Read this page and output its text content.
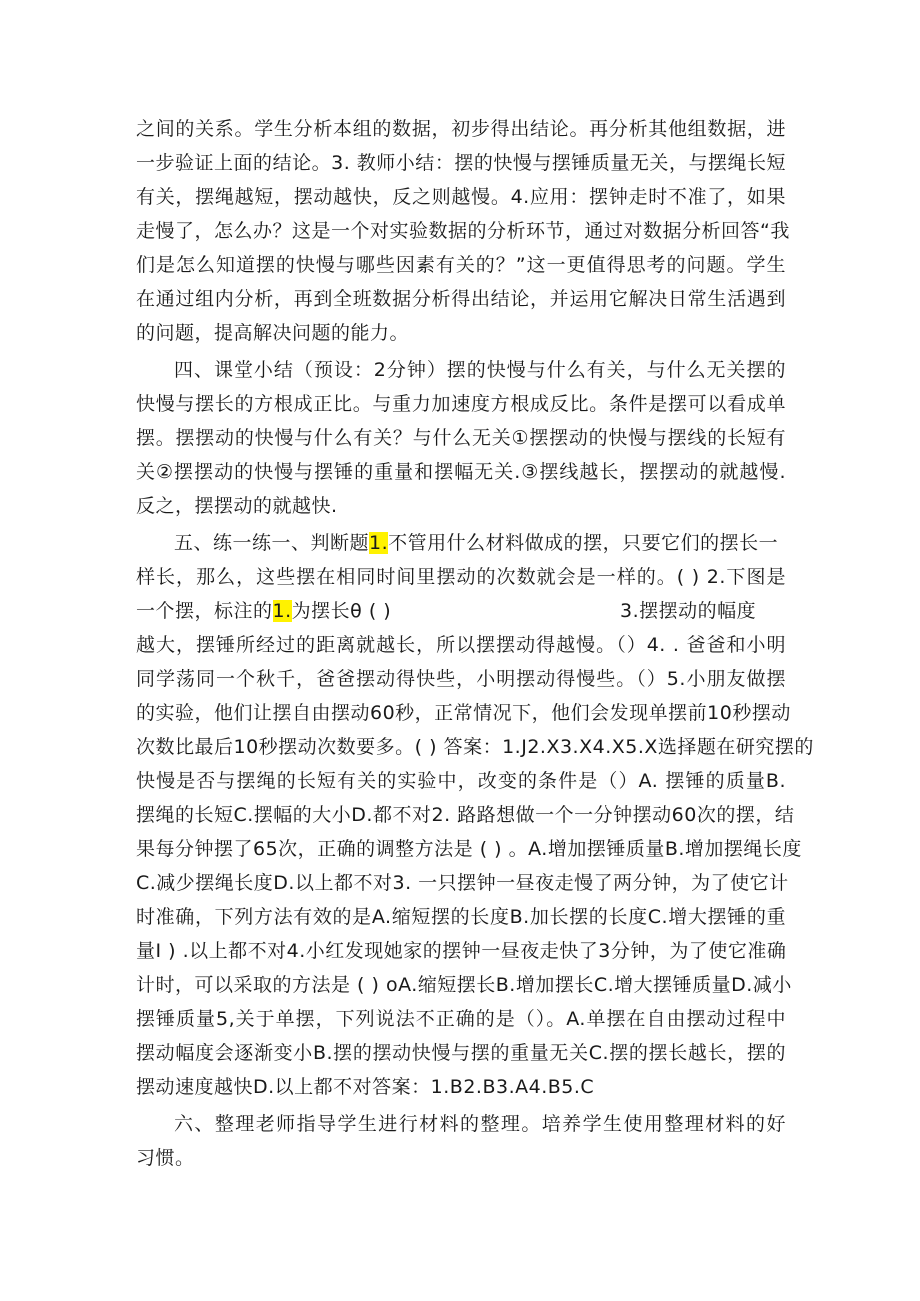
之间的关系。学生分析本组的数据，初步得出结论。再分析其他组数据，进
一步验证上面的结论。3. 教师小结：摆的快慢与摆锤质量无关，与摆绳长短
有关，摆绳越短，摆动越快，反之则越慢。4.应用：摆钟走时不准了，如果
走慢了，怎么办？这是一个对实验数据的分析环节，通过对数据分析回答“我
们是怎么知道摆的快慢与哪些因素有关的？”这一更值得思考的问题。学生
在通过组内分析，再到全班数据分析得出结论，并运用它解决日常生活遇到
的问题，提高解决问题的能力。
四、课堂小结（预设：2分钟）摆的快慢与什么有关，与什么无关摆的
快慢与摆长的方根成正比。与重力加速度方根成反比。条件是摆可以看成单
摆。摆摆动的快慢与什么有关？与什么无关①摆摆动的快慢与摆线的长短有
关②摆摆动的快慢与摆锤的重量和摆幅无关.③摆线越长，摆摆动的就越慢.
反之，摆摆动的就越快.
五、练一练一、判断题1.不管用什么材料做成的摆，只要它们的摆长一
样长，那么，这些摆在相同时间里摆动的次数就会是一样的。( ) 2.下图是
一个摆，标注的1.为摆长θ ( )	3.摆摆动的幅度
越大，摆锤所经过的距离就越长，所以摆摆动得越慢。（）4. . 爸爸和小明
同学荡同一个秋千，爸爸摆动得快些，小明摆动得慢些。（）5.小朋友做摆
的实验，他们让摆自由摆动60秒，正常情况下，他们会发现单摆前10秒摆动
次数比最后10秒摆动次数要多。( ) 答案：1.J2.X3.X4.X5.X选择题在研究摆的
快慢是否与摆绳的长短有关的实验中，改变的条件是（）A. 摆锤的质量B.
摆绳的长短C.摆幅的大小D.都不对2. 路路想做一个一分钟摆动60次的摆，结
果每分钟摆了65次，正确的调整方法是 ( ) 。A.增加摆锤质量B.增加摆绳长度
C.减少摆绳长度D.以上都不对3. 一只摆钟一昼夜走慢了两分钟，为了使它计
时准确，下列方法有效的是A.缩短摆的长度B.加长摆的长度C.增大摆锤的重
量I ) .以上都不对4.小红发现她家的摆钟一昼夜走快了3分钟，为了使它准确
计时，可以采取的方法是 ( ) oA.缩短摆长B.增加摆长C.增大摆锤质量D.减小
摆锤质量5,关于单摆，下列说法不正确的是（）。A.单摆在自由摆动过程中
摆动幅度会逐渐变小B.摆的摆动快慢与摆的重量无关C.摆的摆长越长，摆的
摆动速度越快D.以上都不对答案：1.B2.B3.A4.B5.C
六、整理老师指导学生进行材料的整理。培养学生使用整理材料的好
习惯。
